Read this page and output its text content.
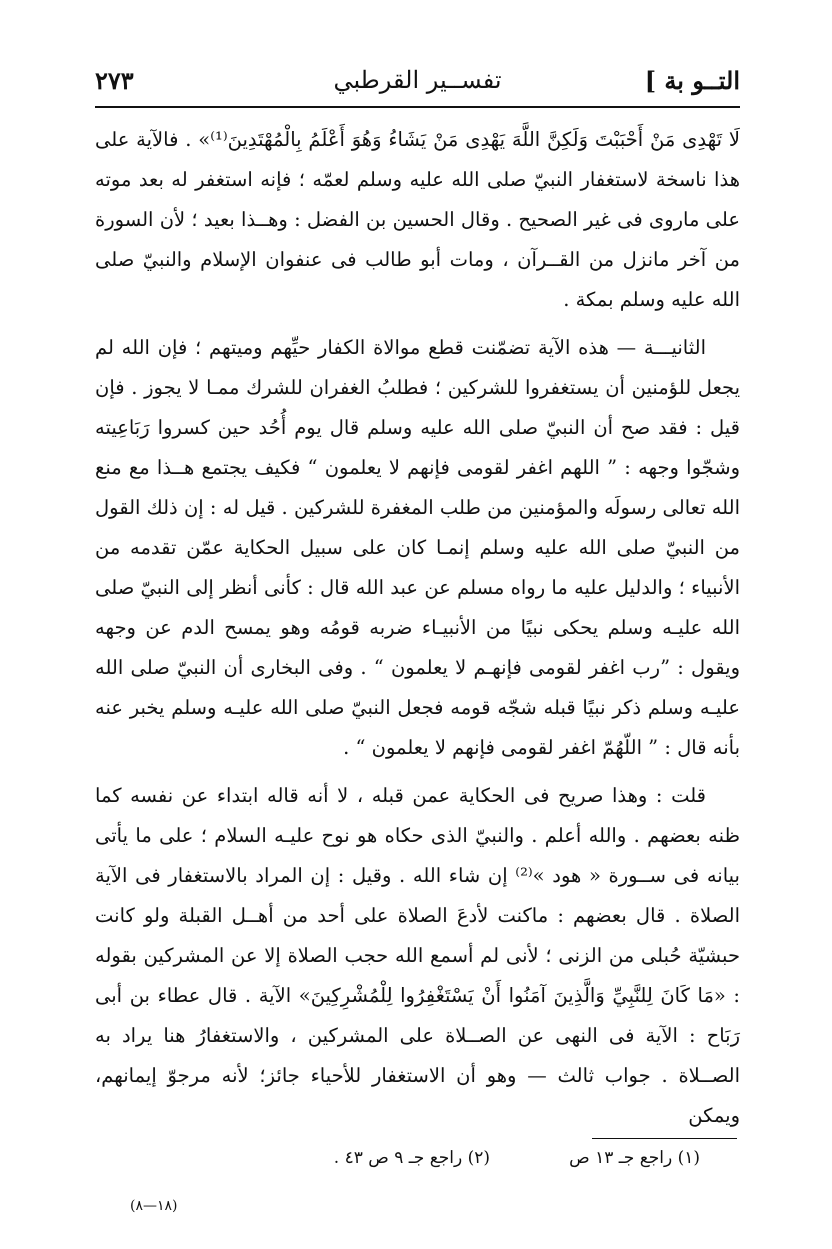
التــو بة ]
تفســير القرطبي
٢٧٣

لَا تَهْدِى مَنْ أَحْبَبْتَ وَلَكِنَّ اللَّهَ يَهْدِى مَنْ يَشَاءُ وَهُوَ أَعْلَمُ بِالْمُهْتَدِينَ⁽¹⁾» . فالآية على هذا ناسخة لاستغفار النبيّ صلى الله عليه وسلم لعمّه ؛ فإنه استغفر له بعد موته على ماروى فى غير الصحيح . وقال الحسين بن الفضل : وهــذا بعيد ؛ لأن السورة من آخر مانزل من القــرآن ، ومات أبو طالب فى عنفوان الإسلام والنبيّ صلى الله عليه وسلم بمكة .

الثانيـــة — هذه الآية تضمّنت قطع موالاة الكفار حيِّهم وميتهم ؛ فإن الله لم يجعل للؤمنين أن يستغفروا للشركين ؛ فطلبُ الغفران للشرك ممـا لا يجوز . فإن قيل : فقد صح أن النبيّ صلى الله عليه وسلم قال يوم أُحُد حين كسروا رَبَاعِيته وشجّوا وجهه : ” اللهم اغفر لقومى فإنهم لا يعلمون “ فكيف يجتمع هــذا مع منع الله تعالى رسولَه والمؤمنين من طلب المغفرة للشركين . قيل له : إن ذلك القول من النبيّ صلى الله عليه وسلم إنمـا كان على سبيل الحكاية عمّن تقدمه من الأنبياء ؛ والدليل عليه ما رواه مسلم عن عبد الله قال : كأنى أنظر إلى النبيّ صلى الله عليـه وسلم يحكى نبيًا من الأنبيـاء ضربه قومُه وهو يمسح الدم عن وجهه ويقول : ”رب اغفر لقومى فإنهـم لا يعلمون “ . وفى البخارى أن النبيّ صلى الله عليـه وسلم ذكر نبيًا قبله شجّه قومه فجعل النبيّ صلى الله عليـه وسلم يخبر عنه بأنه قال : ” اللّهُمّ اغفر لقومى فإنهم لا يعلمون “ .

قلت : وهذا صريح فى الحكاية عمن قبله ، لا أنه قاله ابتداء عن نفسه كما ظنه بعضهم . والله أعلم . والنبيّ الذى حكاه هو نوح عليـه السلام ؛ على ما يأتى بيانه فى ســورة « هود »⁽²⁾ إن شاء الله . وقيل : إن المراد بالاستغفار فى الآية الصلاة . قال بعضهم : ماكنت لأدعَ الصلاة على أحد من أهــل القبلة ولو كانت حبشيّة حُبلى من الزنى ؛ لأنى لم أسمع الله حجب الصلاة إلا عن المشركين بقوله : «مَا كَانَ لِلنَّبِيِّ وَالَّذِينَ آمَنُوا أَنْ يَسْتَغْفِرُوا لِلْمُشْرِكِينَ» الآية . قال عطاء بن أبى رَبَاح : الآية فى النهى عن الصــلاة على المشركين ، والاستغفارُ هنا يراد به الصــلاة . جواب ثالث — وهو أن الاستغفار للأحياء جائز؛ لأنه مرجوّ إيمانهم، ويمكن

(١) راجع جـ ١٣ ص
(٢) راجع جـ ٩ ص ٤٣ .
(١٨—٨)
